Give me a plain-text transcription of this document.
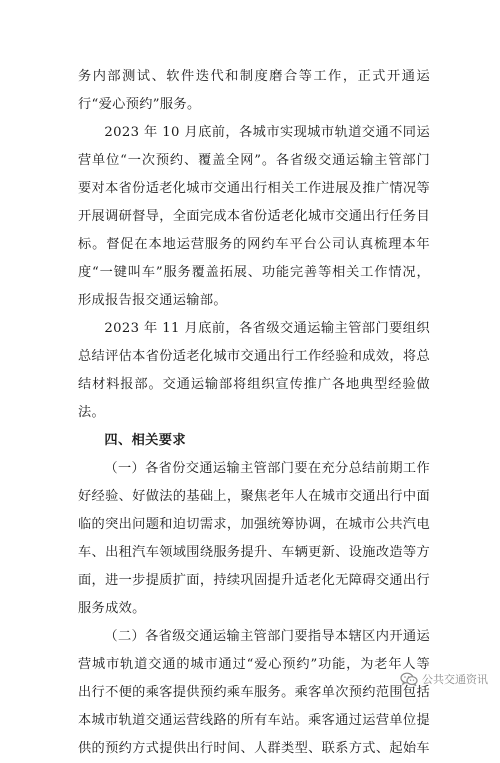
务内部测试、软件迭代和制度磨合等工作，正式开通运行“爱心预约”服务。

2023 年 10 月底前，各城市实现城市轨道交通不同运营单位“一次预约、覆盖全网”。各省级交通运输主管部门要对本省份适老化城市交通出行相关工作进展及推广情况等开展调研督导，全面完成本省份适老化城市交通出行任务目标。督促在本地运营服务的网约车平台公司认真梳理本年度“一键叫车”服务覆盖拓展、功能完善等相关工作情况，形成报告报交通运输部。

2023 年 11 月底前，各省级交通运输主管部门要组织总结评估本省份适老化城市交通出行工作经验和成效，将总结材料报部。交通运输部将组织宣传推广各地典型经验做法。

四、相关要求

（一）各省份交通运输主管部门要在充分总结前期工作好经验、好做法的基础上，聚焦老年人在城市交通出行中面临的突出问题和迫切需求，加强统筹协调，在城市公共汽电车、出租汽车领域围绕服务提升、车辆更新、设施改造等方面，进一步提质扩面，持续巩固提升适老化无障碍交通出行服务成效。

（二）各省级交通运输主管部门要指导本辖区内开通运营城市轨道交通的城市通过“爱心预约”功能，为老年人等出行不便的乘客提供预约乘车服务。乘客单次预约范围包括本城市轨道交通运营线路的所有车站。乘客通过运营单位提供的预约方式提供出行时间、人群类型、联系方式、起始车

公共交通资讯
